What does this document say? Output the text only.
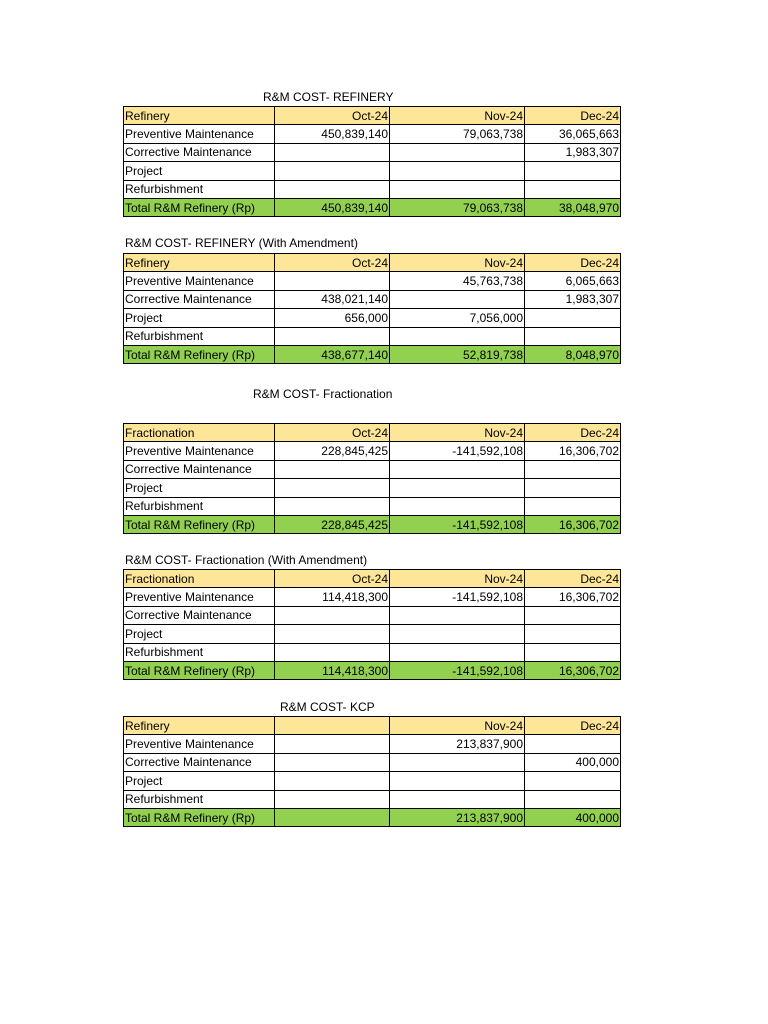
R&M COST- REFINERY
Refinery	Oct-24	Nov-24	Dec-24
Preventive Maintenance	450,839,140	79,063,738	36,065,663
Corrective Maintenance			1,983,307
Project			
Refurbishment			
Total R&M Refinery (Rp)	450,839,140	79,063,738	38,048,970
R&M COST- REFINERY (With Amendment)
Refinery	Oct-24	Nov-24	Dec-24
Preventive Maintenance		45,763,738	6,065,663
Corrective Maintenance	438,021,140		1,983,307
Project	656,000	7,056,000	
Refurbishment			
Total R&M Refinery (Rp)	438,677,140	52,819,738	8,048,970
R&M COST- Fractionation
Fractionation	Oct-24	Nov-24	Dec-24
Preventive Maintenance	228,845,425	-141,592,108	16,306,702
Corrective Maintenance			
Project			
Refurbishment			
Total R&M Refinery (Rp)	228,845,425	-141,592,108	16,306,702
R&M COST- Fractionation (With Amendment)
Fractionation	Oct-24	Nov-24	Dec-24
Preventive Maintenance	114,418,300	-141,592,108	16,306,702
Corrective Maintenance			
Project			
Refurbishment			
Total R&M Refinery (Rp)	114,418,300	-141,592,108	16,306,702
R&M COST- KCP
Refinery		Nov-24	Dec-24
Preventive Maintenance		213,837,900	
Corrective Maintenance			400,000
Project			
Refurbishment			
Total R&M Refinery (Rp)		213,837,900	400,000
